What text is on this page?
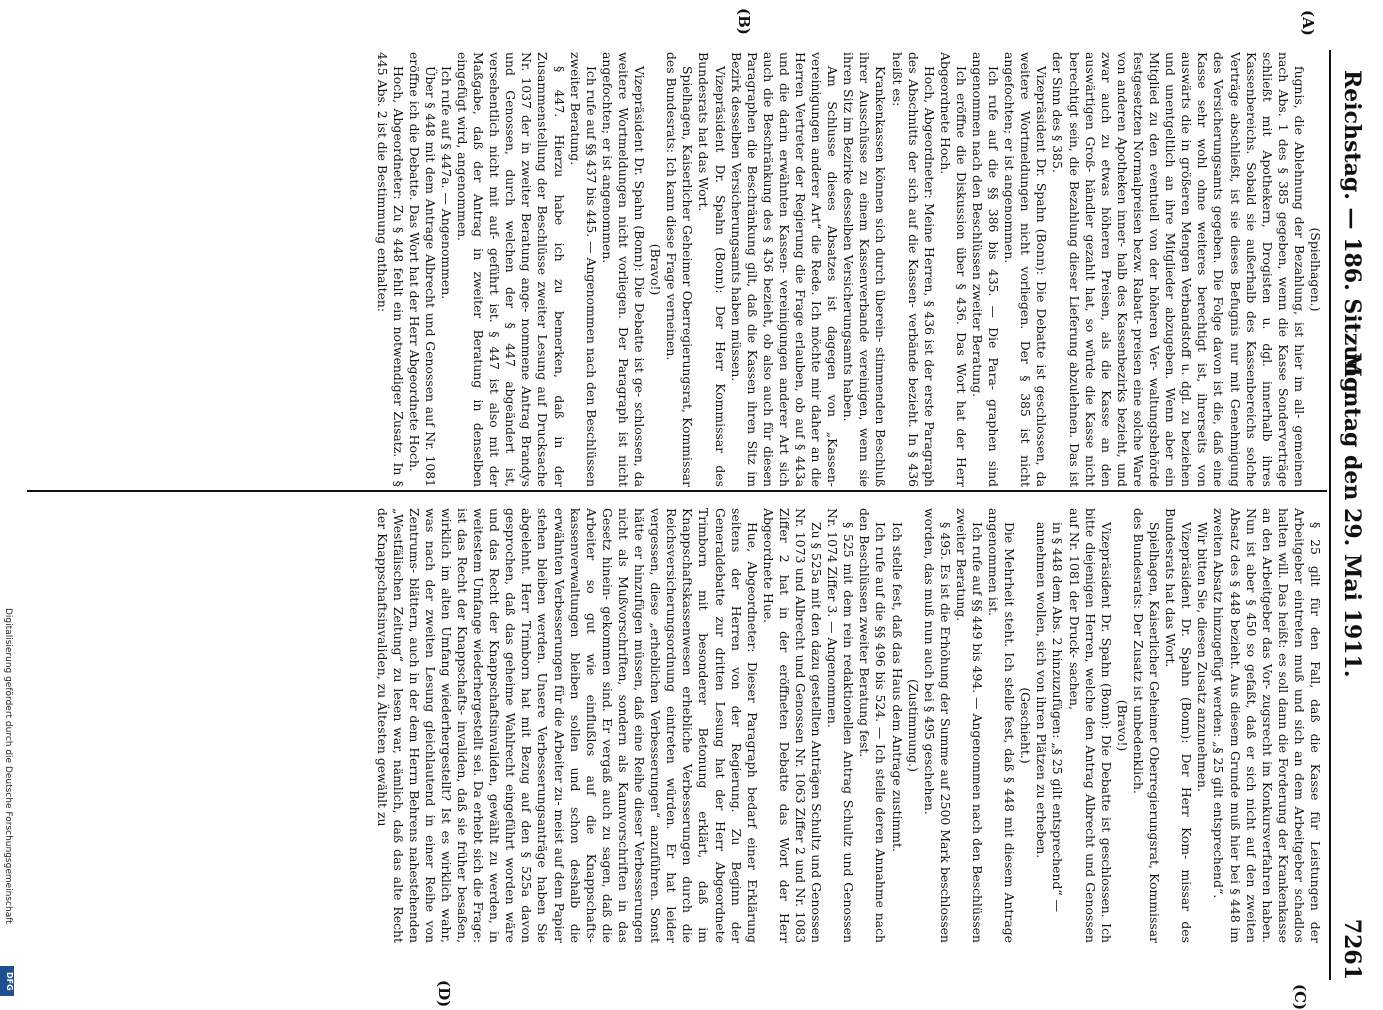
Digitalisierung gefördert durch die Deutsche Forschungsgemeinschaft
DFG
Reichstag. — 186. Sitzung.
Montag den 29. Mai 1911.
7261
(A)
(B)
(C)
(D)

(Spielhagen.)

fugnis, die Ablehnung der Bezahlung, ist hier im all- gemeinen nach Abs. 1 des § 385 gegeben, wenn die Kasse Sonderverträge schließt mit Apothekern, Drogisten u. dgl. innerhalb ihres Kassenbereichs. Sobald sie außerhalb des Kassenbereichs solche Verträge abschließt, ist sie dieses Befugnis nur mit Genehmigung des Versicherungsamts gegeben. Die Folge davon ist die, daß eine Kasse sehr wohl ohne weiteres berechtigt ist, ihrerseits von auswärts die in größeren Mengen Verbandstoff u. dgl. zu beziehen und unentgeltlich an ihre Mitglieder abzugeben. Wenn aber ein Mitglied zu den eventuell von der höheren Ver- waltungsbehörde festgesetzten Normalpreisen bezw. Rabatt- preisen eine solche Ware von anderen Apotheken inner- halb des Kassenbezirks bezieht, und zwar auch zu etwas höheren Preisen, als die Kasse an den auswärtigen Groß- händler gezahlt hat, so würde die Kasse nicht berechtigt sein, die Bezahlung dieser Lieferung abzulehnen. Das ist der Sinn des § 385.

Vizepräsident Dr. Spahn (Bonn): Die Debatte ist geschlossen, da weitere Wortmeldungen nicht vorliegen. Der § 385 ist nicht angefochten; er ist angenommen.

Ich rufe auf die §§ 386 bis 435. — Die Para- graphen sind angenommen nach den Beschlüssen zweiter Beratung.

Ich eröffne die Diskussion über § 436. Das Wort hat der Herr Abgeordnete Hoch.

Hoch, Abgeordneter: Meine Herren, § 436 ist der erste Paragraph des Abschnitts der sich auf die Kassen- verbände bezieht. In § 436 heißt es:

Krankenkassen können sich durch überein- stimmenden Beschluß ihrer Ausschüsse zu einem Kassenverbande vereinigen, wenn sie ihren Sitz im Bezirke desselben Versicherungsamts haben.

Am Schlusse dieses Absatzes ist dagegen von „Kassen- vereinigungen anderer Art“ die Rede. Ich möchte mir daher an die Herren Vertreter der Regierung die Frage erlauben, ob auf § 443a und die darin erwähnten Kassen- vereinigungen anderer Art sich auch die Beschränkung des § 436 bezieht, ob also auch für diesen Paragraphen die Beschränkung gilt, daß die Kassen ihren Sitz im Bezirk desselben Versicherungsamts haben müssen.

Vizepräsident Dr. Spahn (Bonn): Der Herr Kommissar des Bundesrats hat das Wort.

Spielhagen, Kaiserlicher Geheimer Oberregierungsrat, Kommissar des Bundesrats: Ich kann diese Frage verneinen.

(Bravo!)

Vizepräsident Dr. Spahn (Bonn): Die Debatte ist ge- schlossen, da weitere Wortmeldungen nicht vorliegen. Der Paragraph ist nicht angefochten; er ist angenommen.

Ich rufe auf §§ 437 bis 445. — Angenommen nach den Beschlüssen zweiter Beratung.

§ 447. Hierzu habe ich zu bemerken, daß in der Zusammenstellung der Beschlüsse zweiter Lesung auf Drucksache Nr. 1037 der in zweiter Beratung ange- nommene Antrag Brandys und Genossen, durch welchen der § 447 abgeändert ist, versehentlich nicht mit auf- geführt ist. § 447 ist also mit der Maßgabe, daß der Antrag in zweiter Beratung in denselben eingefügt wird, angenommen.

Ich rufe auf § 447a. — Angenommen.

Über § 448 mit dem Antrage Albrecht und Genossen auf Nr. 1081 eröffne ich die Debatte. Das Wort hat der Herr Abgeordnete Hoch.

Hoch, Abgeordneter: Zu § 448 fehlt ein notwendiger Zusatz. In § 445 Abs. 2 ist die Bestimmung enthalten:

§ 25 gilt für den Fall, daß die Kasse für Leistungen der Arbeitgeber eintreten muß und sich an dem Arbeitgeber schadlos halten will. Das heißt: es soll dann die Forderung der Krankenkasse an den Arbeitgeber das Vor- zugsrecht im Konkursverfahren haben. Nun ist aber § 450 so gefaßt, daß er sich nicht auf den zweiten Absatz des § 448 bezieht. Aus diesem Grunde muß hier bei § 448 im zweiten Absatz hinzugefügt werden: „§ 25 gilt entsprechend“.

Wir bitten Sie, diesen Zusatz anzunehmen.

Vizepräsident Dr. Spahn (Bonn): Der Herr Kom- missar des Bundesrats hat das Wort.

Spielhagen, Kaiserlicher Geheimer Oberregierungsrat, Kommissar des Bundesrats: Der Zusatz ist unbedenklich.

(Bravo!)

Vizepräsident Dr. Spahn (Bonn): Die Debatte ist geschlossen. Ich bitte diejenigen Herren, welche den Antrag Albrecht und Genossen auf Nr. 1081 der Druck- sachen,

in § 448 dem Abs. 2 hinzuzufügen: „§ 25 gilt entsprechend“ —

annehmen wollen, sich von ihren Plätzen zu erheben.

(Geschieht.)

Die Mehrheit steht. Ich stelle fest, daß § 448 mit diesem Antrage angenommen ist.

Ich rufe auf §§ 449 bis 494. — Angenommen nach den Beschlüssen zweiter Beratung.

§ 495. Es ist die Erhöhung der Summe auf 2500 Mark beschlossen worden, das muß nun auch bei § 495 geschehen.

(Zustimmung.)

Ich stelle fest, daß das Haus dem Antrage zustimmt.

Ich rufe auf die §§ 496 bis 524. — Ich stelle deren Annahme nach den Beschlüssen zweiter Beratung fest.

§ 525 mit dem rein redaktionellen Antrag Schultz und Genossen Nr. 1074 Ziffer 3. — Angenommen.

Zu § 525a mit den dazu gestellten Anträgen Schultz und Genossen Nr. 1073 und Albrecht und Genossen Nr. 1063 Ziffer 2 und Nr. 1083 Ziffer 2 hat in der eröffneten Debatte das Wort der Herr Abgeordnete Hue.

Hue, Abgeordneter: Dieser Paragraph bedarf einer Erklärung seitens der Herren von der Regierung. Zu Beginn der Generaldebatte zur dritten Lesung hat der Herr Abgeordnete Trimborn mit besonderer Betonung erklärt, daß im Knappschaftskassenwesen erhebliche Verbesserungen durch die Reichsversicherungsordnung eintreten würden. Er hat leider vergessen, diese „erheblichen Verbesserungen“ anzuführen. Sonst hätte er hinzufügen müssen, daß eine Reihe dieser Verbesserungen nicht als Mußvorschriften, sondern als Kannvorschriften in das Gesetz hinein- gekommen sind. Er vergaß auch zu sagen, daß die Arbeiter so gut wie einflußlos auf die Knappschafts- kassenverwaltungen bleiben sollen und schon deshalb die erwähnten Verbesserungen für die Arbeiter zu- meist auf dem Papier stehen bleiben werden. Unsere Verbesserungsanträge haben Sie abgelehnt. Herr Trimborn hat mit Bezug auf den § 525a davon gesprochen, daß das geheime Wahlrecht eingeführt worden wäre und das Recht der Knappschaftsinvaliden, gewählt zu werden, in weitestem Umfange wiederhergestellt sei. Da erhebt sich die Frage: ist das Recht der Knappschafts- invaliden, daß sie früher besaßen, wirklich im alten Umfang wiederhergestellt? Ist es wirklich wahr, was nach der zweiten Lesung gleichlautend in einer Reihe von Zentrums- blättern, auch in der dem Herrn Behrens nahestehenden „Westfälischen Zeitung“ zu lesen war, nämlich, daß das alte Recht der Knappschaftsinvaliden, zu Ältesten gewählt zu
